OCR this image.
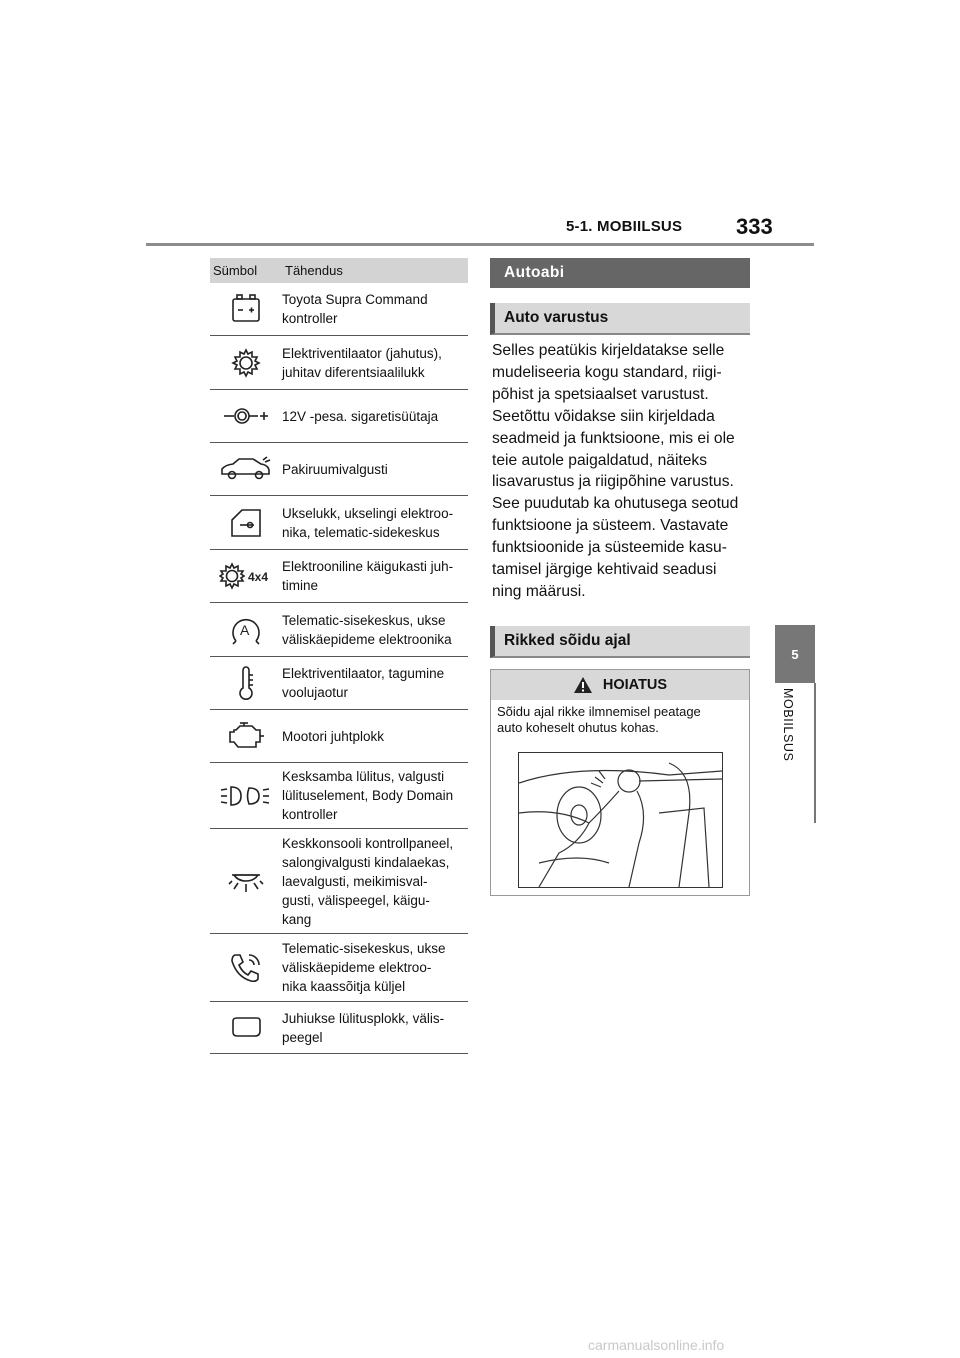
5-1. MOBIILSUS 333
5
MOBIILSUS
Sümbol	Tähendus
Toyota Supra Command
kontroller
Elektriventilaator (jahutus),
juhitav diferentsiaalilukk
12V -pesa. sigaretisüütaja
Pakiruumivalgusti
Ukselukk, ukselingi elektroo-
nika, telematic-sidekeskus
4x4
Elektrooniline käigukasti juh-
timine
A
Telematic-sisekeskus, ukse
väliskäepideme elektroonika
Elektriventilaator, tagumine
voolujaotur
Mootori juhtplokk
Kesksamba lülitus, valgusti
lülituselement, Body Domain
kontroller
Keskkonsooli kontrollpaneel,
salongivalgusti kindalaekas,
laevalgusti, meikimisval-
gusti, välispeegel, käigu-
kang
Telematic-sisekeskus, ukse
väliskäepideme elektroo-
nika kaassõitja küljel
Juhiukse lülitusplokk, välis-
peegel
Autoabi
Auto varustus
Selles peatükis kirjeldatakse selle
mudeliseeria kogu standard, riigi-
põhist ja spetsiaalset varustust.
Seetõttu võidakse siin kirjeldada
seadmeid ja funktsioone, mis ei ole
teie autole paigaldatud, näiteks
lisavarustus ja riigipõhine varustus.
See puudutab ka ohutusega seotud
funktsioone ja süsteem. Vastavate
funktsioonide ja süsteemide kasu-
tamisel järgige kehtivaid seadusi
ning määrusi.
Rikked sõidu ajal
HOIATUS
Sõidu ajal rikke ilmnemisel peatage
auto koheselt ohutus kohas.
carmanualsonline.info
